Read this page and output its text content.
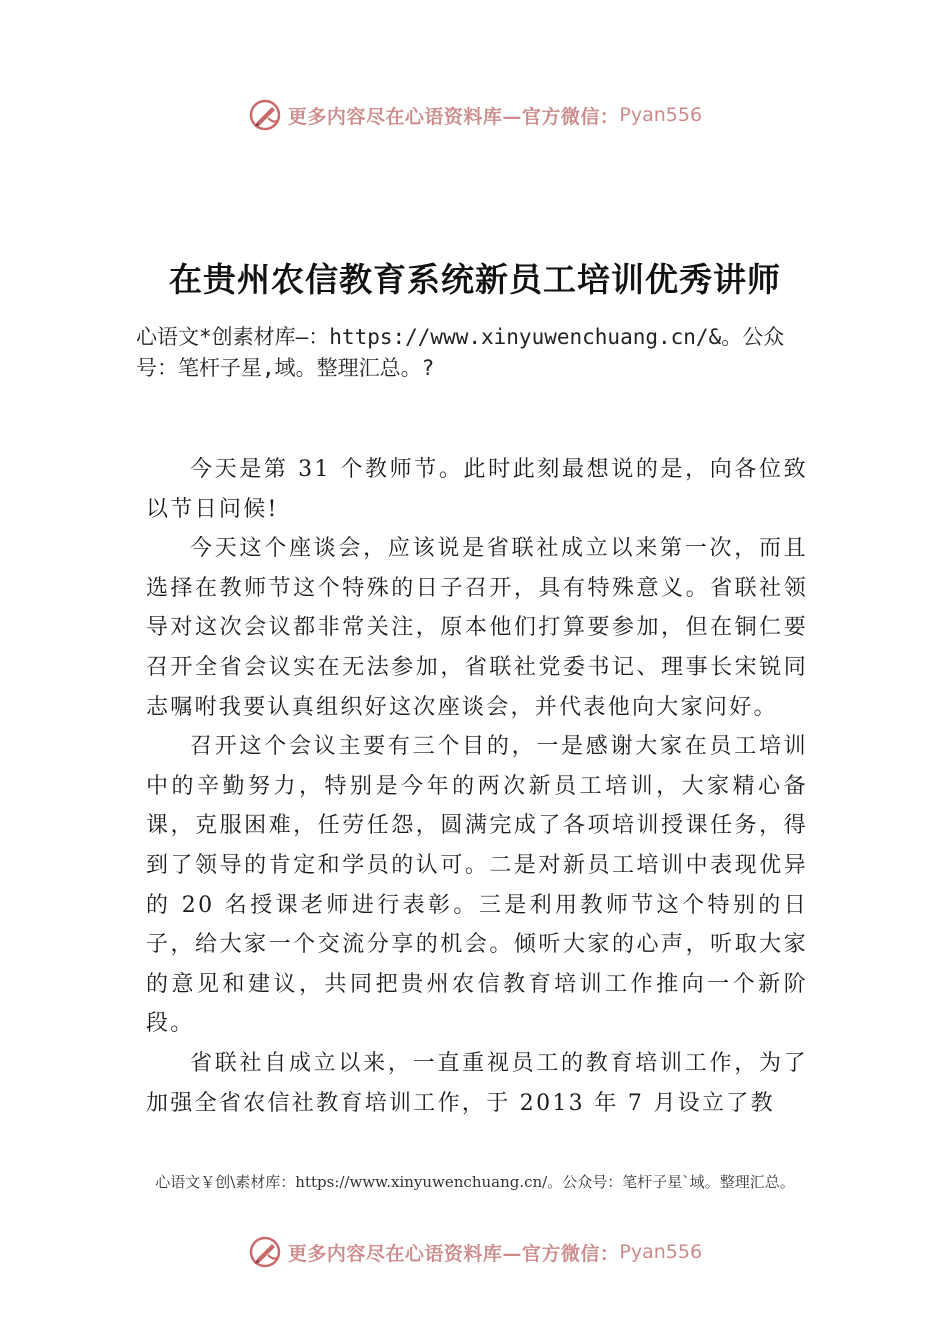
更多内容尽在心语资料库—官方微信： Pyan556
在贵州农信教育系统新员工培训优秀讲师
心语文*创素材库—：https://www.xinyuwenchuang.cn/&。公众号：笔杆子星,域。整理汇总。?

今天是第 31 个教师节。此时此刻最想说的是，向各位致以节日问候!

今天这个座谈会，应该说是省联社成立以来第一次，而且选择在教师节这个特殊的日子召开，具有特殊意义。省联社领导对这次会议都非常关注，原本他们打算要参加，但在铜仁要召开全省会议实在无法参加，省联社党委书记、理事长宋锐同志嘱咐我要认真组织好这次座谈会，并代表他向大家问好。

召开这个会议主要有三个目的，一是感谢大家在员工培训中的辛勤努力，特别是今年的两次新员工培训，大家精心备课，克服困难，任劳任怨，圆满完成了各项培训授课任务，得到了领导的肯定和学员的认可。二是对新员工培训中表现优异的 20 名授课老师进行表彰。三是利用教师节这个特别的日子，给大家一个交流分享的机会。倾听大家的心声，听取大家的意见和建议，共同把贵州农信教育培训工作推向一个新阶段。

省联社自成立以来，一直重视员工的教育培训工作，为了加强全省农信社教育培训工作，于 2013 年 7 月设立了教

心语文￥创\素材库：https://www.xinyuwenchuang.cn/。公众号：笔杆子星`域。整理汇总。
更多内容尽在心语资料库—官方微信： Pyan556
